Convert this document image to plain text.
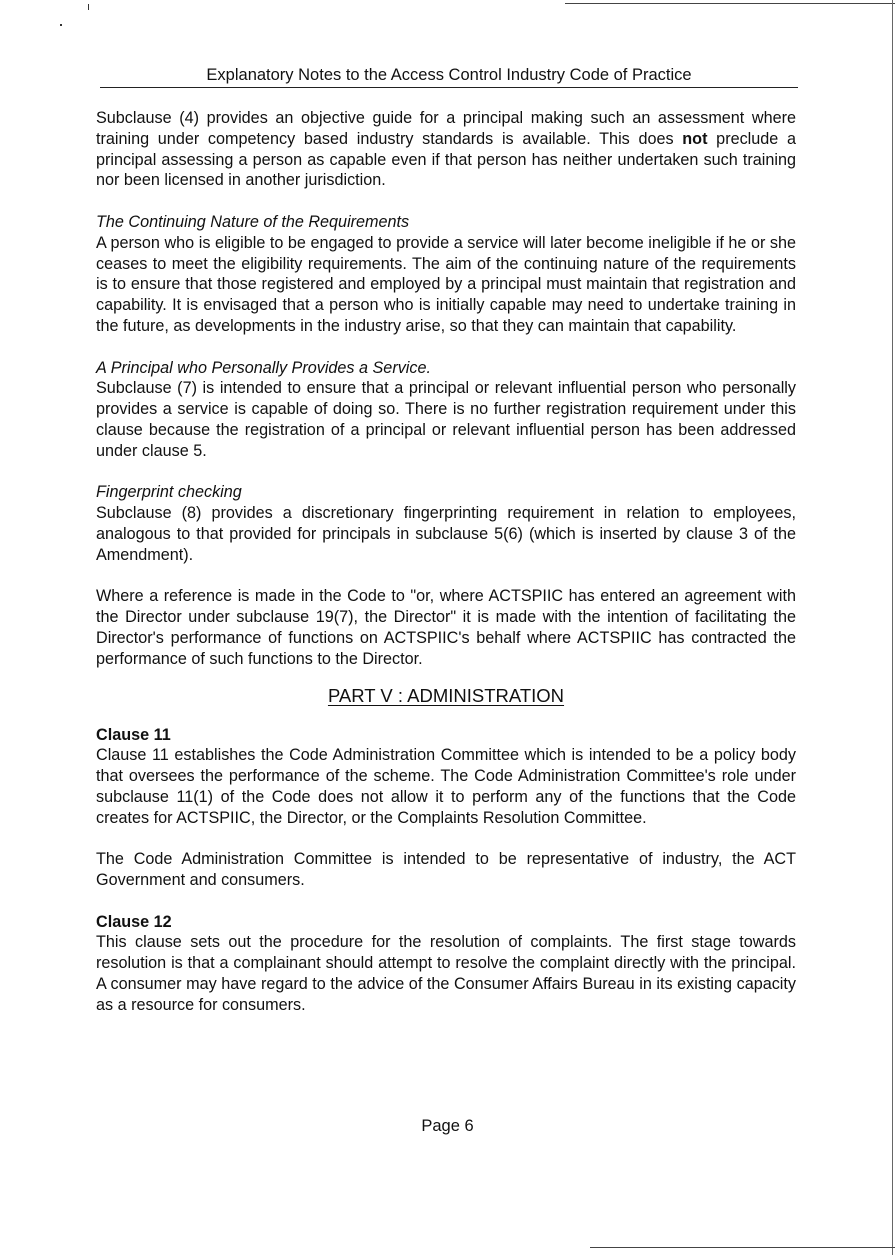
Explanatory Notes to the Access Control Industry Code of Practice

Subclause (4) provides an objective guide for a principal making such an assessment where training under competency based industry standards is available. This does not preclude a principal assessing a person as capable even if that person has neither undertaken such training nor been licensed in another jurisdiction.

The Continuing Nature of the Requirements

A person who is eligible to be engaged to provide a service will later become ineligible if he or she ceases to meet the eligibility requirements. The aim of the continuing nature of the requirements is to ensure that those registered and employed by a principal must maintain that registration and capability. It is envisaged that a person who is initially capable may need to undertake training in the future, as developments in the industry arise, so that they can maintain that capability.

A Principal who Personally Provides a Service.

Subclause (7) is intended to ensure that a principal or relevant influential person who personally provides a service is capable of doing so. There is no further registration requirement under this clause because the registration of a principal or relevant influential person has been addressed under clause 5.

Fingerprint checking

Subclause (8) provides a discretionary fingerprinting requirement in relation to employees, analogous to that provided for principals in subclause 5(6) (which is inserted by clause 3 of the Amendment).

Where a reference is made in the Code to "or, where ACTSPIIC has entered an agreement with the Director under subclause 19(7), the Director" it is made with the intention of facilitating the Director's performance of functions on ACTSPIIC's behalf where ACTSPIIC has contracted the performance of such functions to the Director.

PART V : ADMINISTRATION

Clause 11

Clause 11 establishes the Code Administration Committee which is intended to be a policy body that oversees the performance of the scheme. The Code Administration Committee's role under subclause 11(1) of the Code does not allow it to perform any of the functions that the Code creates for ACTSPIIC, the Director, or the Complaints Resolution Committee.

The Code Administration Committee is intended to be representative of industry, the ACT Government and consumers.

Clause 12

This clause sets out the procedure for the resolution of complaints. The first stage towards resolution is that a complainant should attempt to resolve the complaint directly with the principal. A consumer may have regard to the advice of the Consumer Affairs Bureau in its existing capacity as a resource for consumers.

Page 6
